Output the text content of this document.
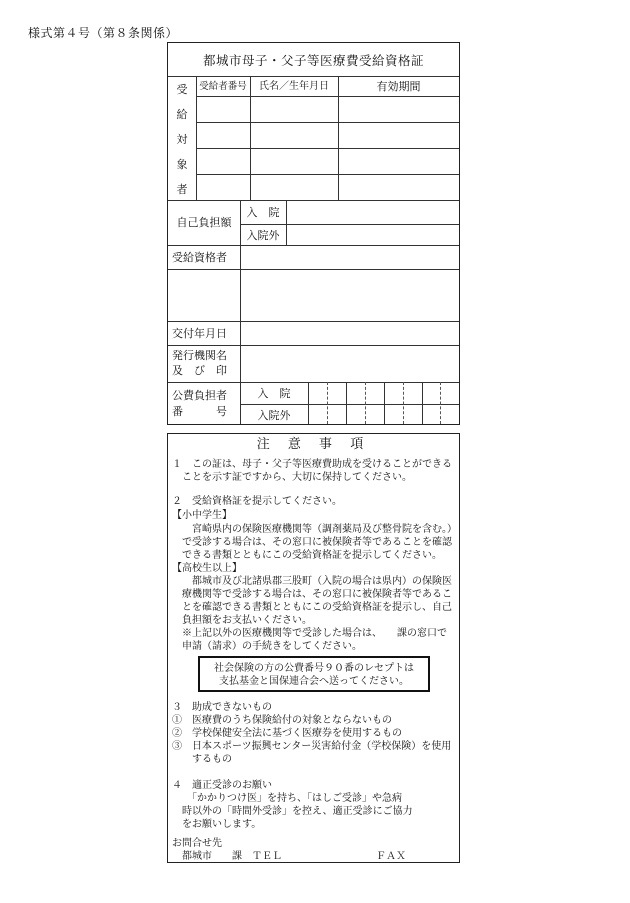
様式第４号（第８条関係）
都城市母子・父子等医療費受給資格証
受
給
対
象
者
受給者番号	氏名／生年月日	有効期間
自己負担額
入　院
入院外
受給資格者
交付年月日
発行機関名
及　び　印
公費負担者
番　　　号
入　院
入院外
注 意 事 項
１　この証は、母子・父子等医療費助成を受けることができる
　ことを示す証ですから、大切に保持してください。
２　受給資格証を提示してください。
【小中学生】
　　宮崎県内の保険医療機関等（調剤薬局及び整骨院を含む。）
　で受診する場合は、その窓口に被保険者等であることを確認
　できる書類とともにこの受給資格証を提示してください。
【高校生以上】
　　都城市及び北諸県郡三股町（入院の場合は県内）の保険医
　療機関等で受診する場合は、その窓口に被保険者等であるこ
　とを確認できる書類とともにこの受給資格証を提示し、自己
　負担額をお支払いください。
社会保険の方の公費番号９０番のレセプトは
支払基金と国保連合会へ送ってください。
　※上記以外の医療機関等で受診した場合は、　　課の窓口で
　申請（請求）の手続きをしてください。
３　助成できないもの
①　医療費のうち保険給付の対象とならないもの
②　学校保健安全法に基づく医療券を使用するもの
③　日本スポーツ振興センター災害給付金（学校保険）を使用
　　するもの
４　適正受診のお願い
　　「かかりつけ医」を持ち、「はしご受診」や急病
　時以外の「時間外受診」を控え、適正受診にご協力
　をお願いします。
お問合せ先
　都城市　　課　ＴＥＬ	ＦＡＸ
